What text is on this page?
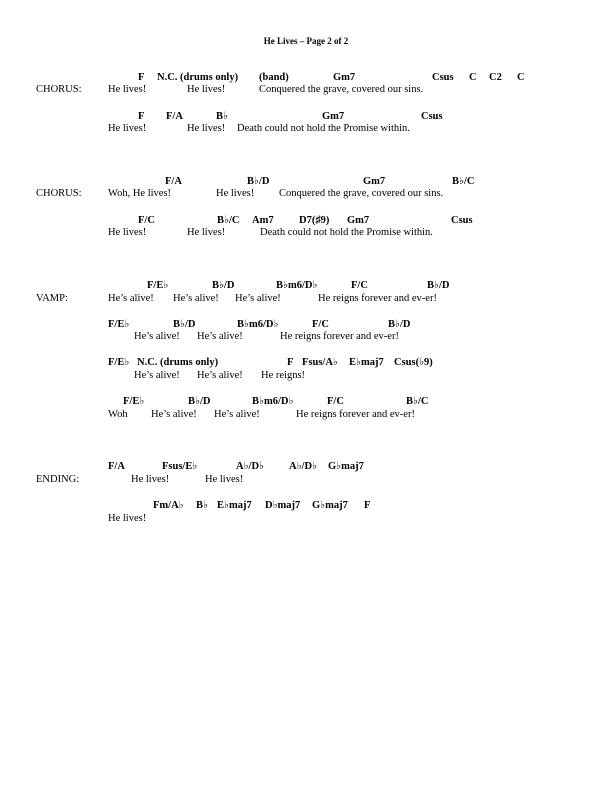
He Lives – Page 2 of 2
CHORUS:
F N.C. (drums only) (band)	Gm7	Csus C C2 C
He lives!	He lives!	Conquered the grave, covered our sins.
F F/A	B♭	Gm7	Csus
He lives!	He lives! Death could not hold the Promise within.
CHORUS:
F/A	B♭/D	Gm7	B♭/C
Woh, He lives!	He lives! Conquered the grave, covered our sins.
F/C	B♭/C Am7 D7(♯9) Gm7	Csus
He lives!	He lives!	Death could not hold the Promise within.
VAMP:
F/E♭	B♭/D	B♭m6/D♭	F/C	B♭/D
He’s alive! He’s alive! He’s alive!	He reigns forever and ev-er!
F/E♭	B♭/D	B♭m6/D♭	F/C	B♭/D
He’s alive! He’s alive!	He reigns forever and ev-er!
F/E♭ N.C. (drums only)	F Fsus/A♭ E♭maj7 Csus(♭9)
He’s alive! He’s alive! He reigns!
F/E♭	B♭/D	B♭m6/D♭	F/C	B♭/C
Woh He’s alive! He’s alive!	He reigns forever and ev-er!
ENDING:
F/A	Fsus/E♭	A♭/D♭ A♭/D♭ G♭maj7
He lives!	He lives!
Fm/A♭ B♭ E♭maj7 D♭maj7 G♭maj7 F
He lives!
